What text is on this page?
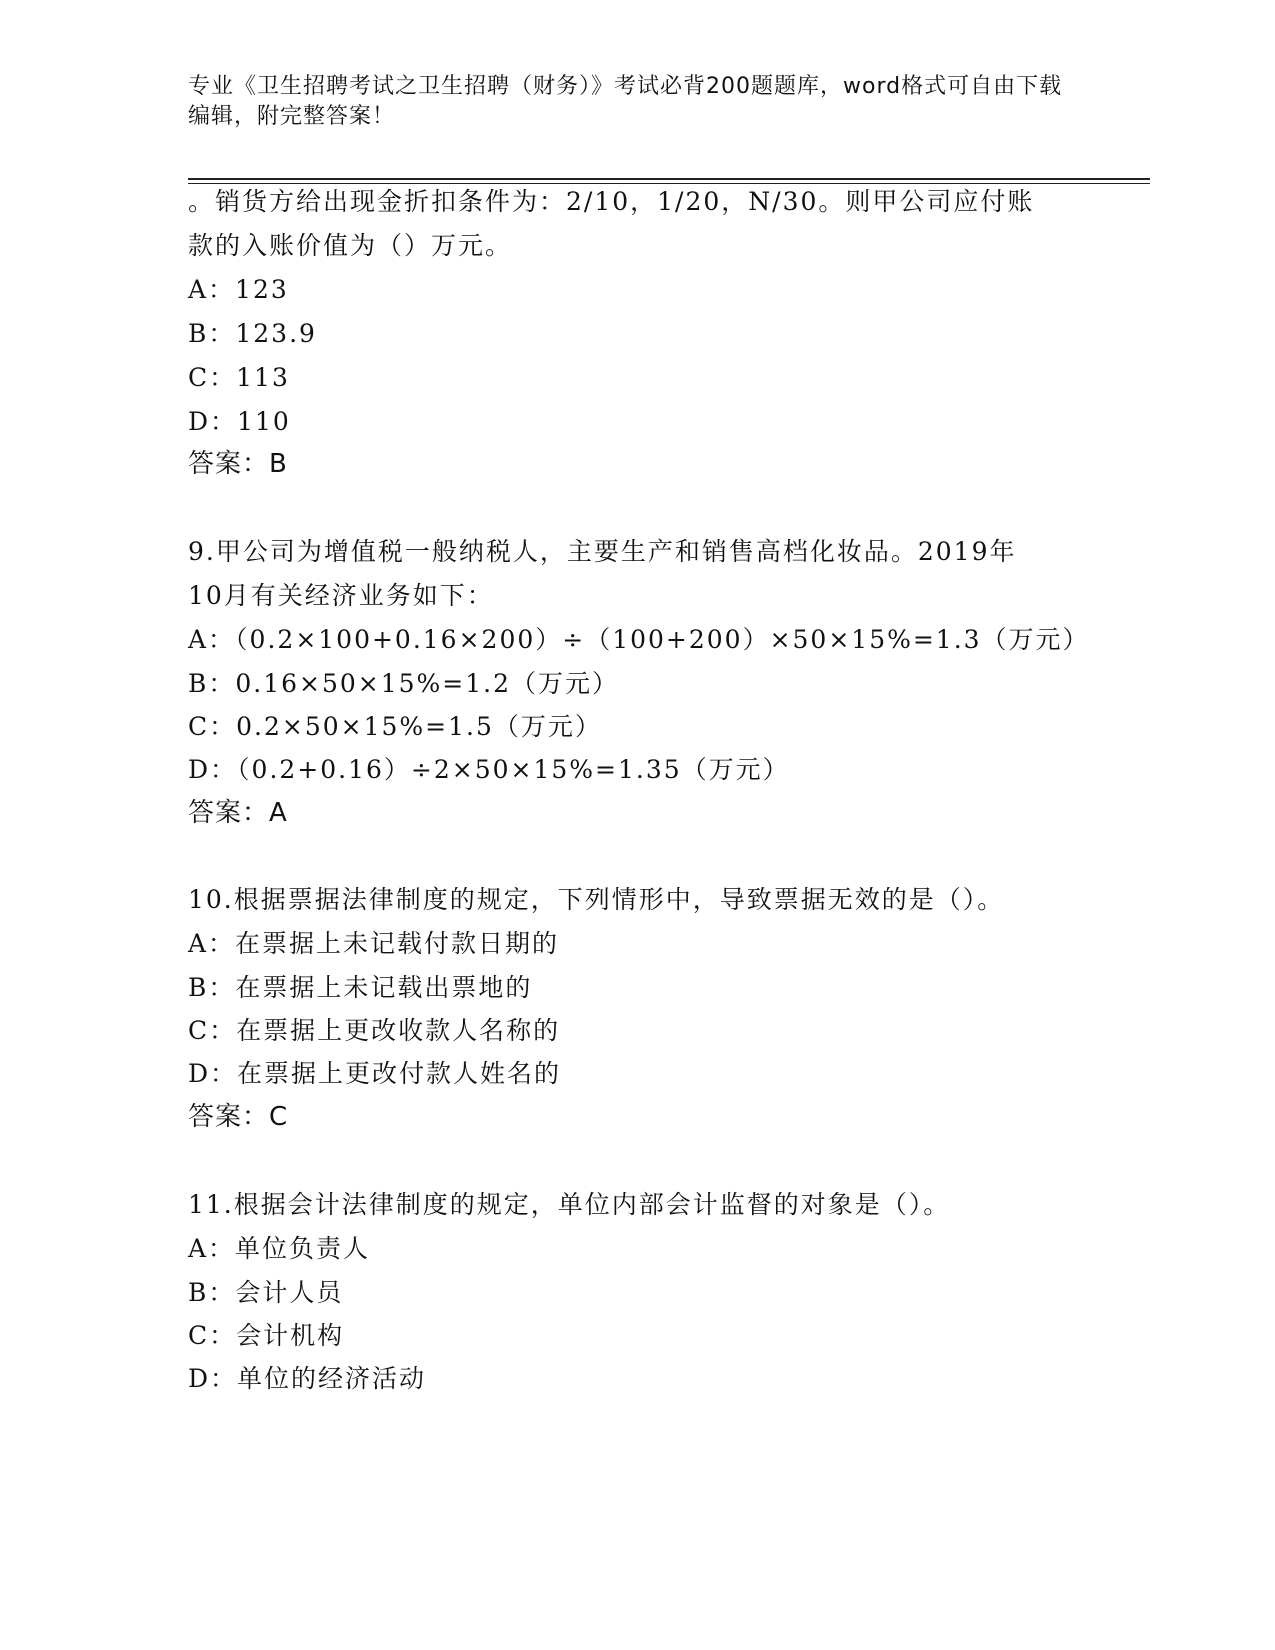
专业《卫生招聘考试之卫生招聘（财务）》考试必背200题题库，word格式可自由下载编辑，附完整答案！
。销货方给出现金折扣条件为：2/10，1/20，N/30。则甲公司应付账
款的入账价值为（）万元。
A：123
B：123.9
C：113
D：110
答案：B
9.甲公司为增值税一般纳税人，主要生产和销售高档化妆品。2019年
10月有关经济业务如下：
A：（0.2×100+0.16×200）÷（100+200）×50×15%=1.3（万元）
B：0.16×50×15%=1.2（万元）
C：0.2×50×15%=1.5（万元）
D：（0.2+0.16）÷2×50×15%=1.35（万元）
答案：A
10.根据票据法律制度的规定，下列情形中，导致票据无效的是（）。
A：在票据上未记载付款日期的
B：在票据上未记载出票地的
C：在票据上更改收款人名称的
D：在票据上更改付款人姓名的
答案：C
11.根据会计法律制度的规定，单位内部会计监督的对象是（）。
A：单位负责人
B：会计人员
C：会计机构
D：单位的经济活动
